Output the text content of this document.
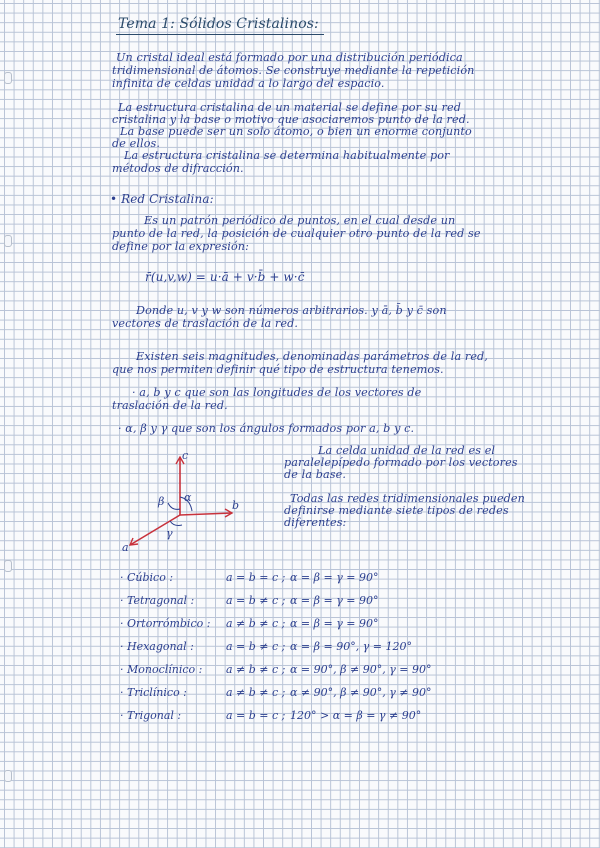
Tema 1: Sólidos Cristalinos:

Un cristal ideal está formado por una distribución periódica

tridimensional de átomos. Se construye mediante la repetición

infinita de celdas unidad a lo largo del espacio.

La estructura cristalina de un material se define por su red

cristalina y la base o motivo que asociaremos punto de la red.

La base puede ser un solo átomo, o bien un enorme conjunto

de ellos.

La estructura cristalina se determina habitualmente por

métodos de difracción.

• Red Cristalina:

Es un patrón periódico de puntos, en el cual desde un

punto de la red, la posición de cualquier otro punto de la red se

define por la expresión:

r̄(u,v,w) = u·ā + v·b̄ + w·c̄

Donde u, v y w son números arbitrarios. y ā, b̄ y c̄ son

vectores de traslación de la red.

Existen seis magnitudes, denominadas parámetros de la red,

que nos permiten definir qué tipo de estructura tenemos.

· a, b y c que son las longitudes de los vectores de

traslación de la red.

· α, β y γ que son los ángulos formados por a, b y c.

c
b
a
α
β
γ

La celda unidad de la red es el

paralelepípedo formado por los vectores

de la base.

Todas las redes tridimensionales pueden

definirse mediante siete tipos de redes

diferentes:

· Cúbico :	a = b = c ; α = β = γ = 90°
· Tetragonal :	a = b ≠ c ; α = β = γ = 90°
· Ortorrómbico : a ≠ b ≠ c ; α = β = γ = 90°
· Hexagonal :	a = b ≠ c ; α = β = 90°, γ = 120°
· Monoclínico : a ≠ b ≠ c ; α = 90°, β ≠ 90°, γ = 90°
· Triclínico :	a ≠ b ≠ c ; α ≠ 90°, β ≠ 90°, γ ≠ 90°
· Trigonal :	a = b = c ; 120° > α = β = γ ≠ 90°
